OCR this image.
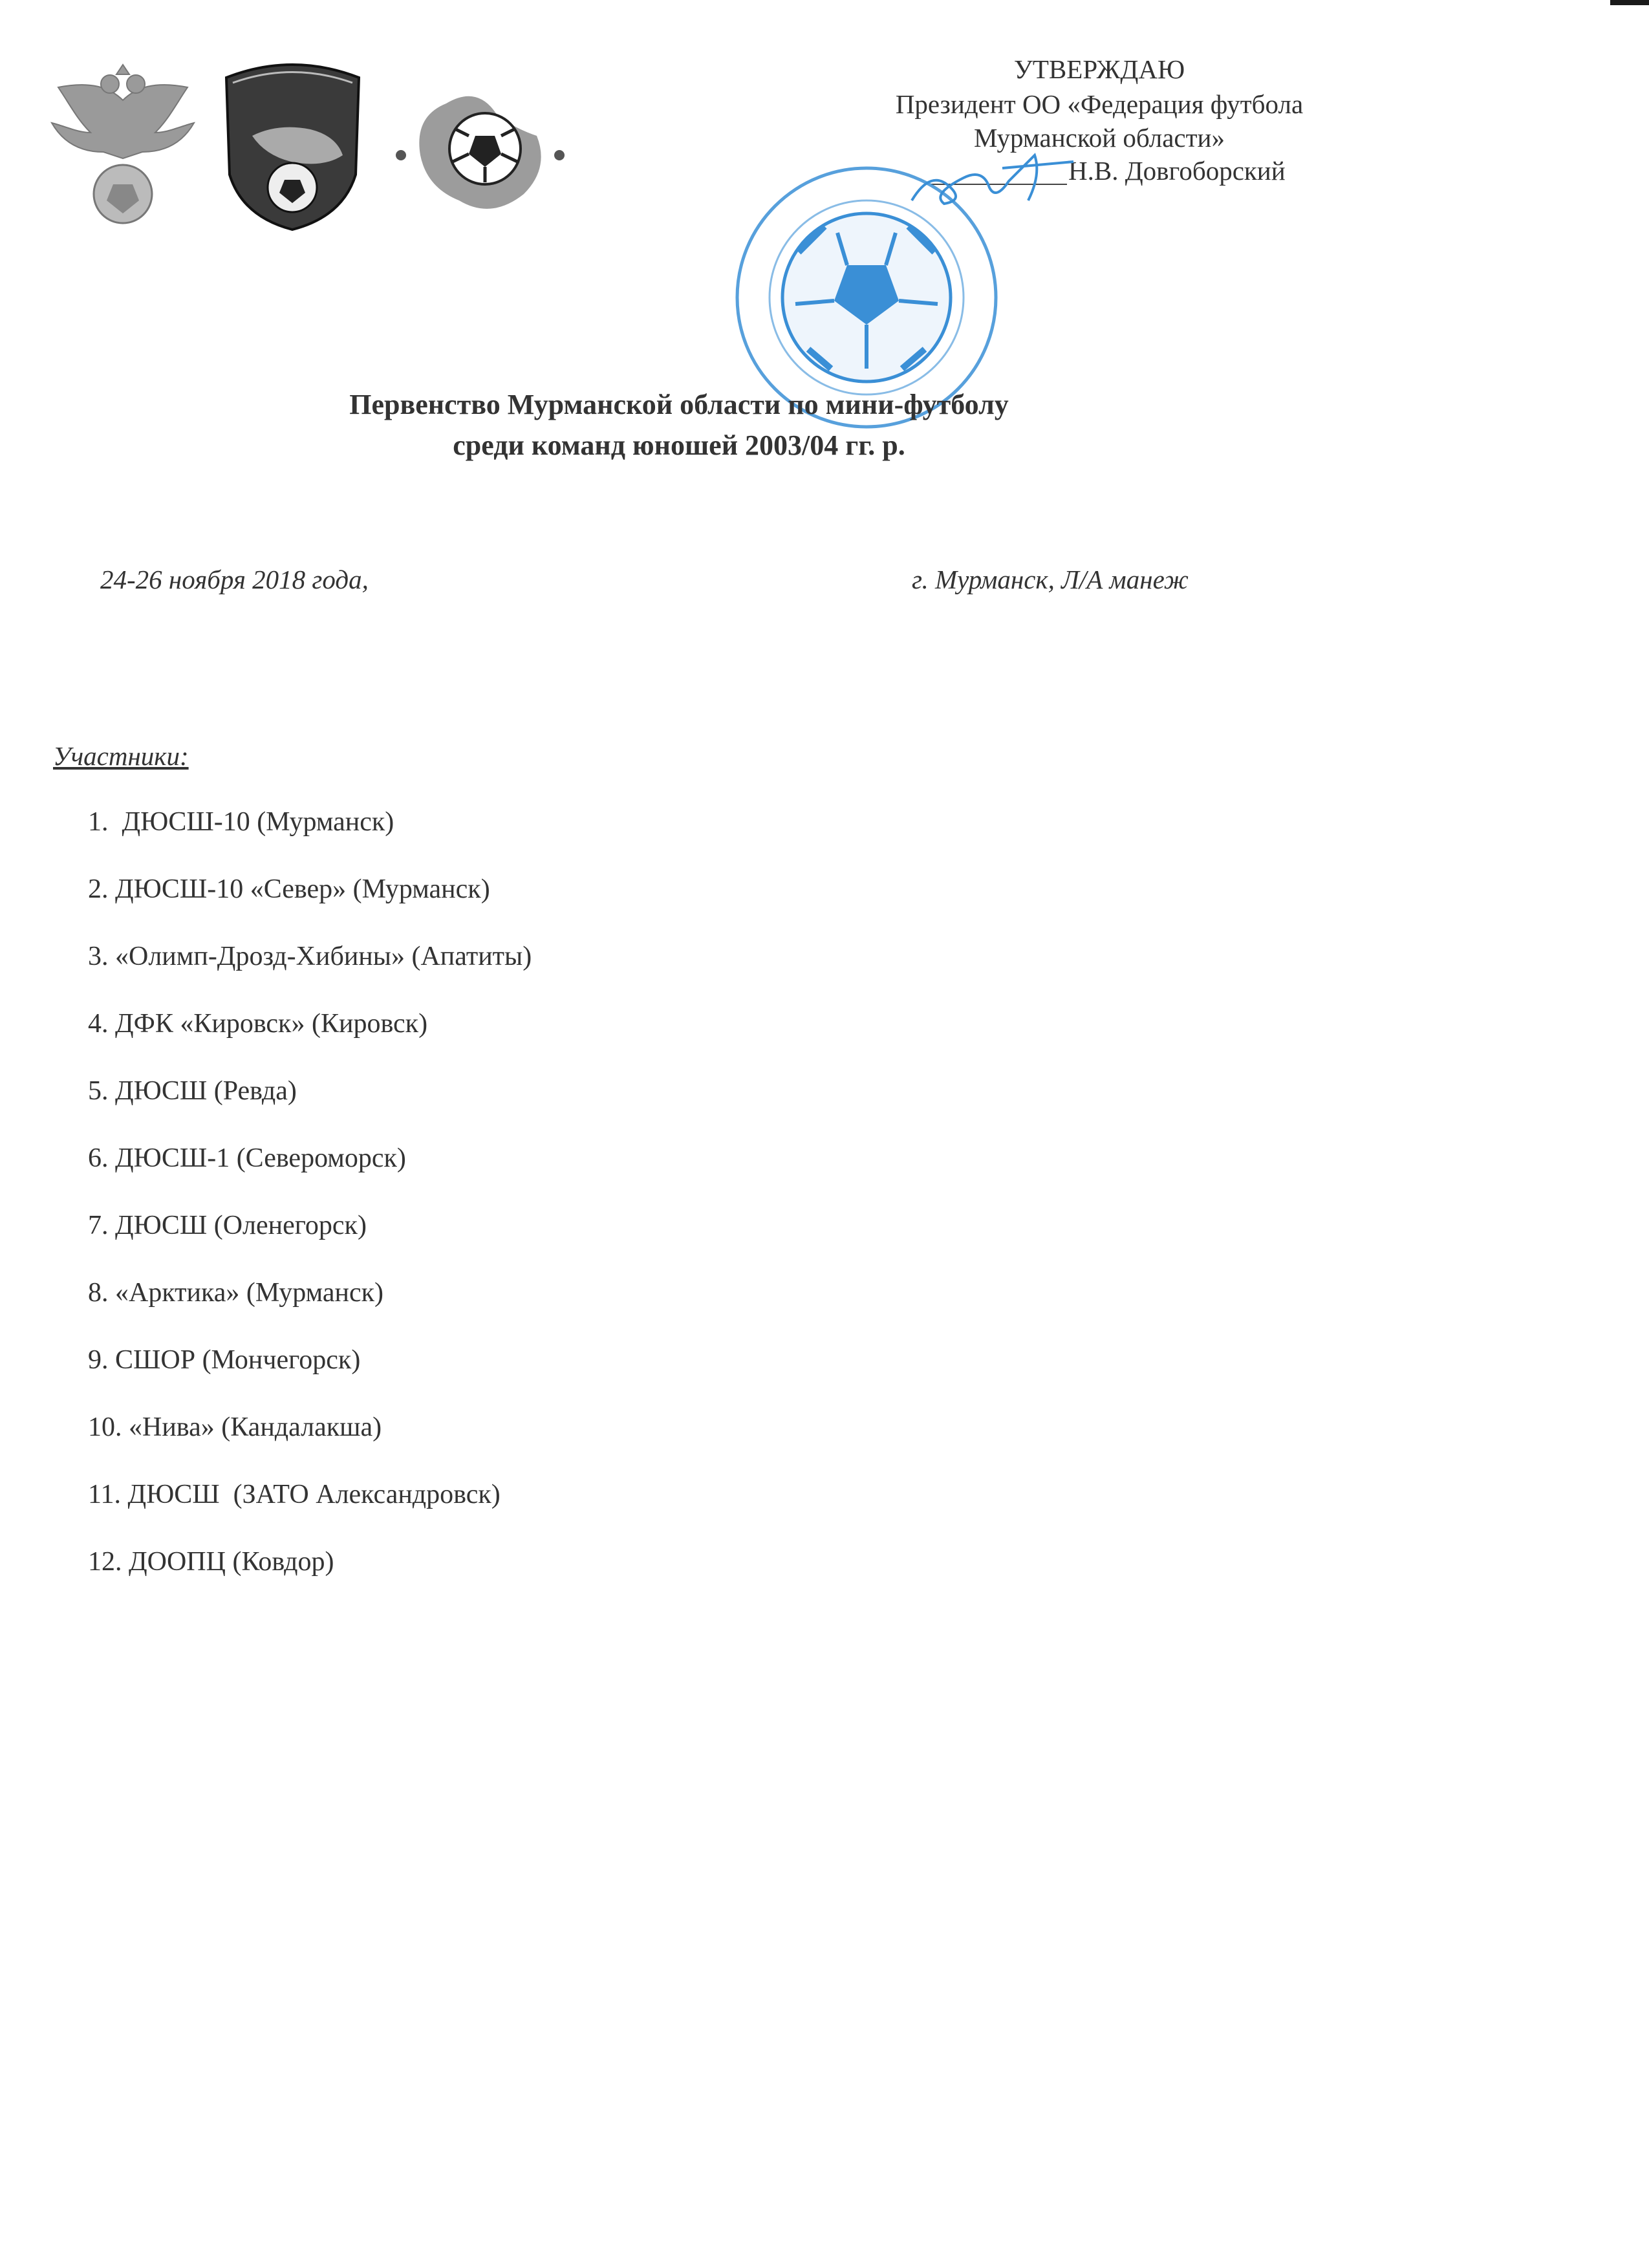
УТВЕРЖДАЮ
Президент ОО «Федерация футбола
Мурманской области»
Н.В. Довгоборский
Первенство Мурманской области по мини-футболу
среди команд юношей 2003/04 гг. р.
24-26 ноября 2018 года,	г. Мурманск, Л/А манеж
Участники:
1.  ДЮСШ-10 (Мурманск)
2. ДЮСШ-10 «Север» (Мурманск)
3. «Олимп-Дрозд-Хибины» (Апатиты)
4. ДФК «Кировск» (Кировск)
5. ДЮСШ (Ревда)
6. ДЮСШ-1 (Североморск)
7. ДЮСШ (Оленегорск)
8. «Арктика» (Мурманск)
9. СШОР (Мончегорск)
10. «Нива» (Кандалакша)
11. ДЮСШ  (ЗАТО Александровск)
12. ДООПЦ (Ковдор)
